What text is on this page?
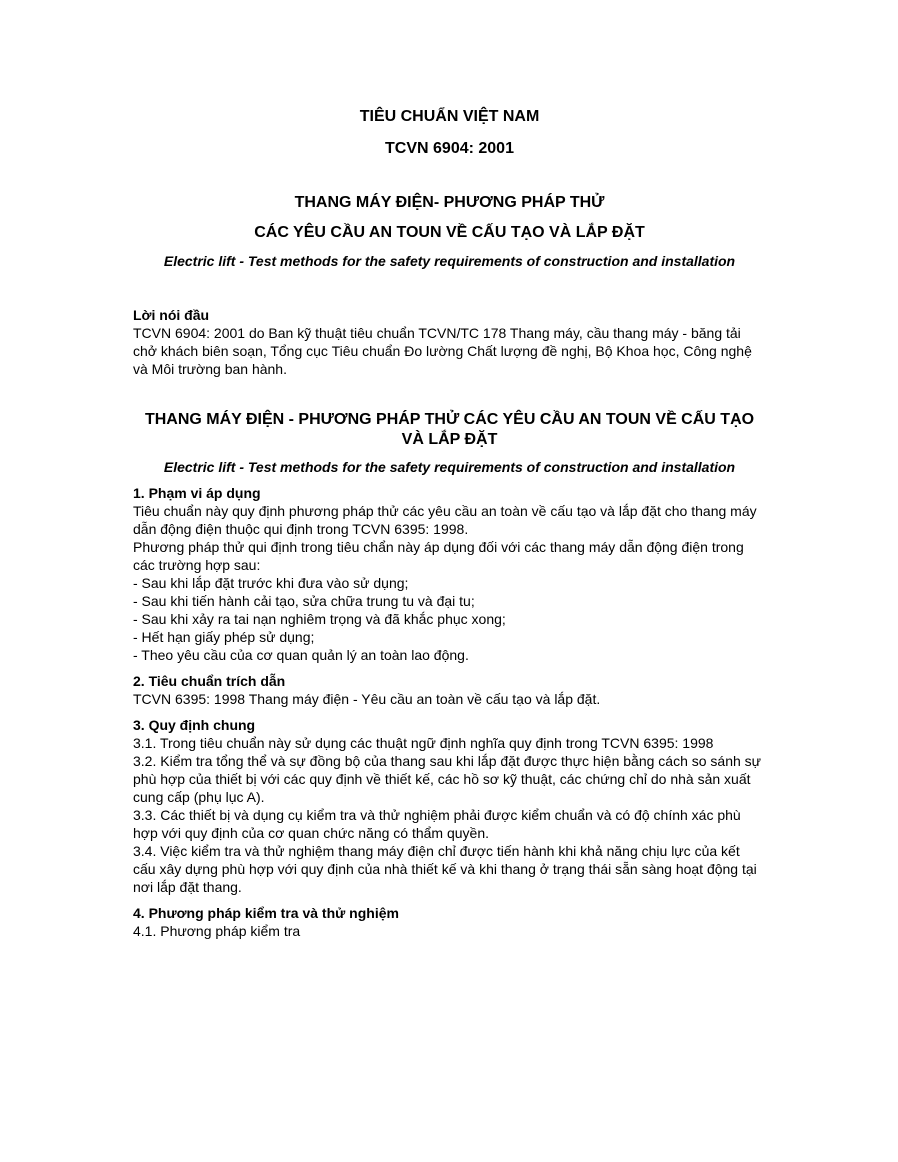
TIÊU CHUẨN VIỆT NAM

TCVN 6904: 2001

THANG MÁY ĐIỆN- PHƯƠNG PHÁP THỬ

CÁC YÊU CẦU AN TOUN VỀ CẤU TẠO VÀ LẮP ĐẶT

Electric lift - Test methods for the safety requirements of construction and installation

Lời nói đầu

TCVN 6904: 2001 do Ban kỹ thuật tiêu chuẩn TCVN/TC 178 Thang máy, cầu thang máy - băng tải chở khách biên soạn, Tổng cục Tiêu chuẩn Đo lường Chất lượng đề nghị, Bộ Khoa học, Công nghệ và Môi trường ban hành.

THANG MÁY ĐIỆN - PHƯƠNG PHÁP THỬ CÁC YÊU CẦU AN TOUN VỀ CẤU TẠO VÀ LẮP ĐẶT

Electric lift - Test methods for the safety requirements of construction and installation

1. Phạm vi áp dụng

Tiêu chuẩn này quy định phương pháp thử các yêu cầu an toàn về cấu tạo và lắp đặt cho thang máy dẫn động điện thuộc qui định trong TCVN 6395: 1998.

Phương pháp thử qui định trong tiêu chẩn này áp dụng đối với các thang máy dẫn động điện trong các trường hợp sau:

- Sau khi lắp đặt trước khi đưa vào sử dụng;

- Sau khi tiến hành cải tạo, sửa chữa trung tu và đại tu;

- Sau khi xảy ra tai nạn nghiêm trọng và đã khắc phục xong;

- Hết hạn giấy phép sử dụng;

- Theo yêu cầu của cơ quan quản lý an toàn lao động.

2. Tiêu chuẩn trích dẫn

TCVN 6395: 1998 Thang máy điện - Yêu cầu an toàn về cấu tạo và lắp đặt.

3. Quy định chung

3.1. Trong tiêu chuẩn này sử dụng các thuật ngữ định nghĩa quy định trong TCVN 6395: 1998

3.2. Kiểm tra tổng thể và sự đồng bộ của thang sau khi lắp đặt được thực hiện bằng cách so sánh sự phù hợp của thiết bị với các quy định về thiết kế, các hồ sơ kỹ thuật, các chứng chỉ do nhà sản xuất cung cấp (phụ lục A).

3.3. Các thiết bị và dụng cụ kiểm tra và thử nghiệm phải được kiểm chuẩn và có độ chính xác phù hợp với quy định của cơ quan chức năng có thẩm quyền.

3.4. Việc kiểm tra và thử nghiệm thang máy điện chỉ được tiến hành khi khả năng chịu lực của kết cấu xây dựng phù hợp với quy định của nhà thiết kế và khi thang ở trạng thái sẵn sàng hoạt động tại nơi lắp đặt thang.

4. Phương pháp kiểm tra và thử nghiệm

4.1. Phương pháp kiểm tra
